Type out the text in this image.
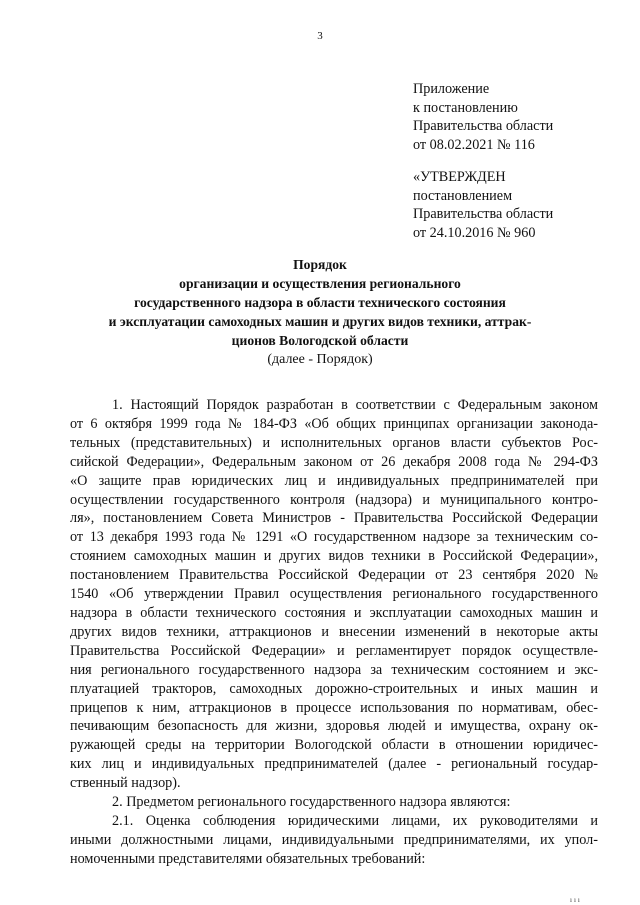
3
Приложение
к постановлению
Правительства области
от 08.02.2021 № 116
«УТВЕРЖДЕН
постановлением
Правительства области
от 24.10.2016 № 960
Порядок
организации и осуществления регионального
государственного надзора в области технического состояния
и эксплуатации самоходных машин и других видов техники, аттрак-
ционов Вологодской области
(далее - Порядок)
1. Настоящий Порядок разработан в соответствии с Федеральным законом
от 6 октября 1999 года № 184-ФЗ «Об общих принципах организации законода-
тельных (представительных) и исполнительных органов власти субъектов Рос-
сийской Федерации», Федеральным законом от 26 декабря 2008 года № 294-ФЗ
«О защите прав юридических лиц и индивидуальных предпринимателей при
осуществлении государственного контроля (надзора) и муниципального контро-
ля», постановлением Совета Министров - Правительства Российской Федерации
от 13 декабря 1993 года № 1291 «О государственном надзоре за техническим со-
стоянием самоходных машин и других видов техники в Российской Федерации»,
постановлением Правительства Российской Федерации от 23 сентября 2020 №
1540 «Об утверждении Правил осуществления регионального государственного
надзора в области технического состояния и эксплуатации самоходных машин и
других видов техники, аттракционов и внесении изменений в некоторые акты
Правительства Российской Федерации» и регламентирует порядок осуществле-
ния регионального государственного надзора за техническим состоянием и экс-
плуатацией тракторов, самоходных дорожно-строительных и иных машин и
прицепов к ним, аттракционов в процессе использования по нормативам, обес-
печивающим безопасность для жизни, здоровья людей и имущества, охрану ок-
ружающей среды на территории Вологодской области в отношении юридичес-
ких лиц и индивидуальных предпринимателей (далее - региональный государ-
ственный надзор).
2. Предметом регионального государственного надзора являются:
2.1. Оценка соблюдения юридическими лицами, их руководителями и
иными должностными лицами, индивидуальными предпринимателями, их упол-
номоченными представителями обязательных требований:
ııı
